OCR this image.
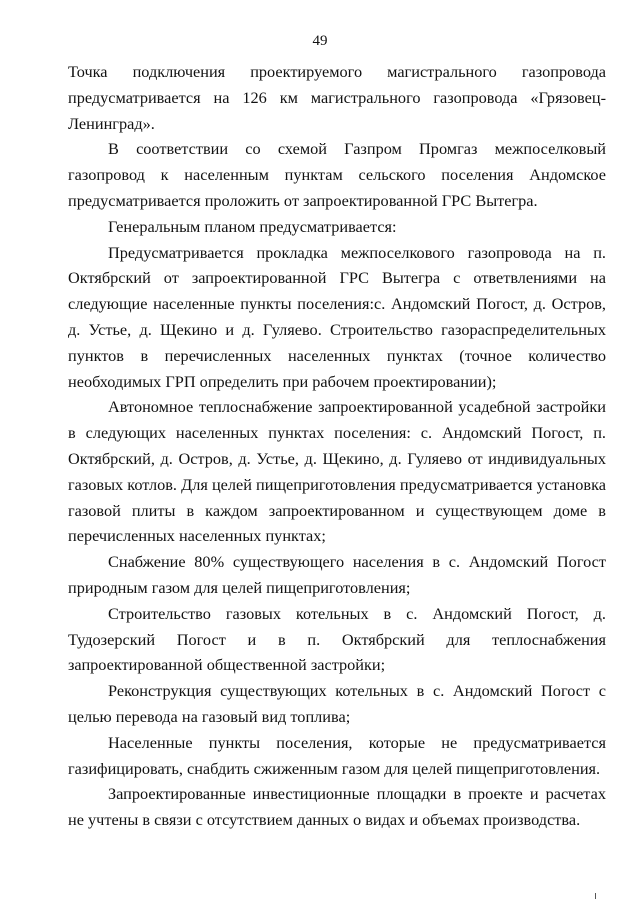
49

Точка подключения проектируемого магистрального газопровода предусматривается на 126 км магистрального газопровода «Грязовец-Ленинград».

В соответствии со схемой Газпром Промгаз межпоселковый газопровод к населенным пунктам сельского поселения Андомское предусматривается проложить от запроектированной ГРС Вытегра.

Генеральным планом предусматривается:

Предусматривается прокладка межпоселкового газопровода на п. Октябрский от запроектированной ГРС Вытегра с ответвлениями на следующие населенные пункты поселения:с. Андомский Погост, д. Остров, д. Устье, д. Щекино и д. Гуляево. Строительство газораспределительных пунктов в перечисленных населенных пунктах (точное количество необходимых ГРП определить при рабочем проектировании);

Автономное теплоснабжение запроектированной усадебной застройки в следующих населенных пунктах поселения: с. Андомский Погост, п. Октябрский, д. Остров, д. Устье, д. Щекино, д. Гуляево от индивидуальных газовых котлов. Для целей пищеприготовления предусматривается установка газовой плиты в каждом запроектированном и существующем доме в перечисленных населенных пунктах;

Снабжение 80% существующего населения в с. Андомский Погост природным газом для целей пищеприготовления;

Строительство газовых котельных в с. Андомский Погост, д. Тудозерский Погост и в п. Октябрский для теплоснабжения запроектированной общественной застройки;

Реконструкция существующих котельных в с. Андомский Погост с целью перевода на газовый вид топлива;

Населенные пункты поселения, которые не предусматривается газифицировать, снабдить сжиженным газом для целей пищеприготовления.

Запроектированные инвестиционные площадки в проекте и расчетах не учтены в связи с отсутствием данных о видах и объемах производства.
